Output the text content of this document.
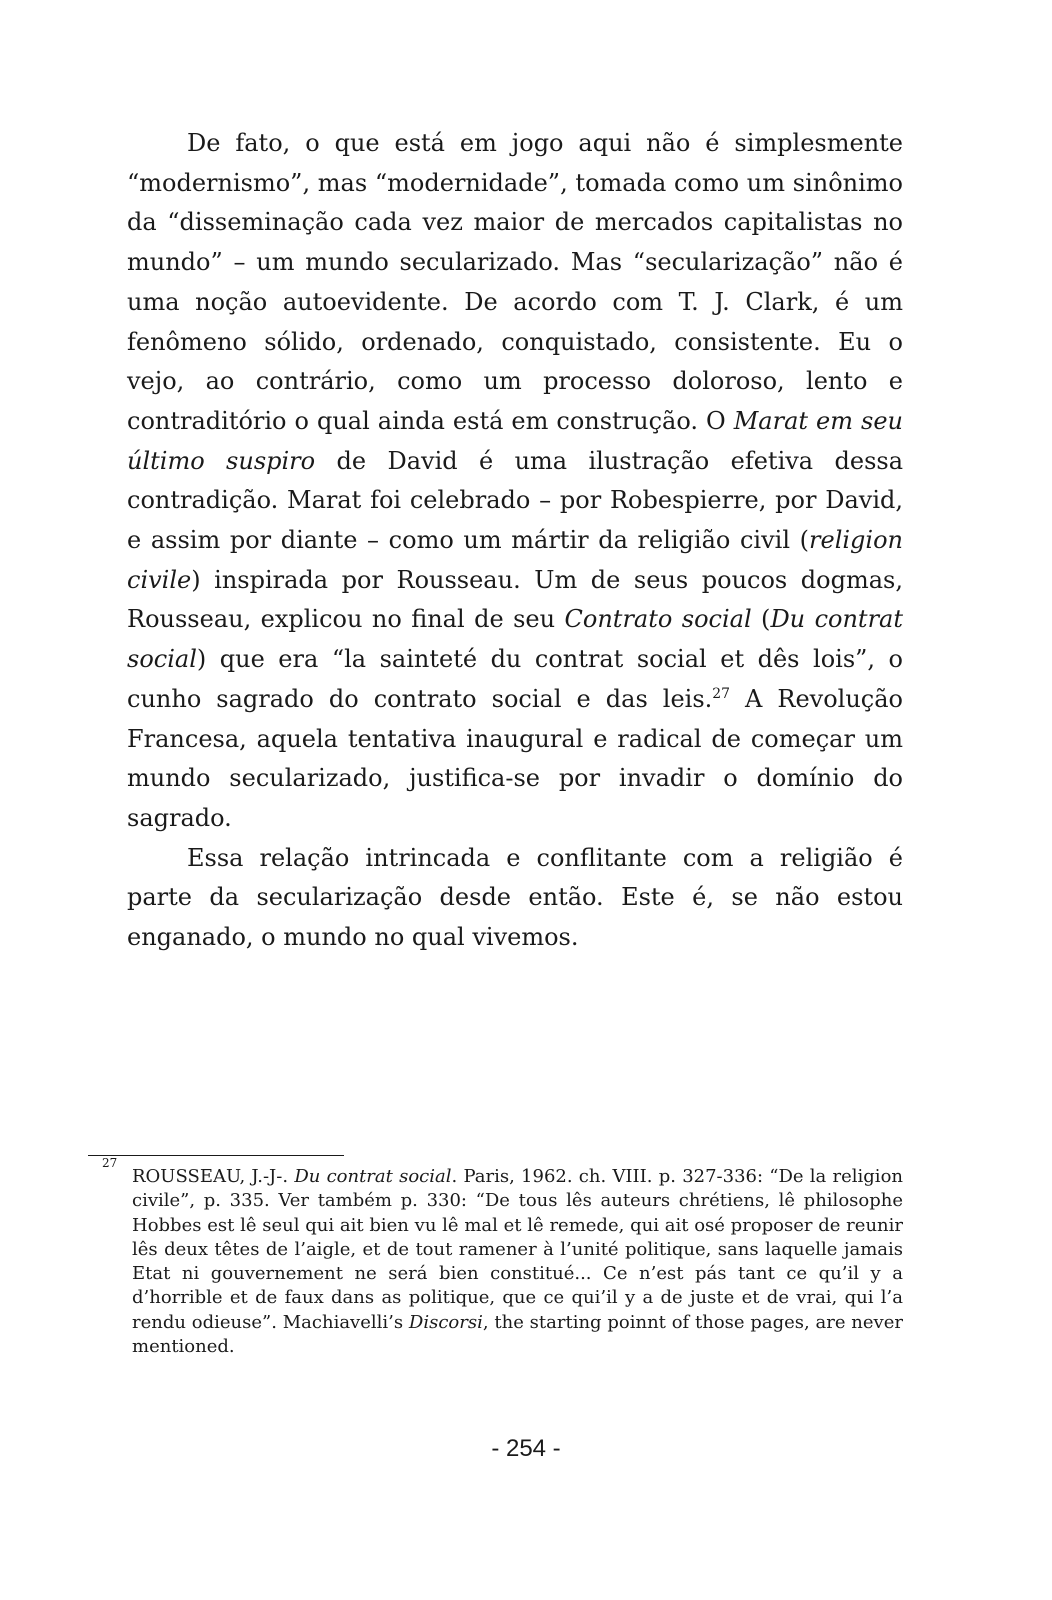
De fato, o que está em jogo aqui não é simplesmente “modernismo”, mas “modernidade”, tomada como um sinônimo da “disseminação cada vez maior de mercados capitalistas no mundo” – um mundo secularizado. Mas “secularização” não é uma noção autoevidente. De acordo com T. J. Clark, é um fenômeno sólido, ordenado, conquistado, consistente. Eu o vejo, ao contrário, como um processo doloroso, lento e contraditório o qual ainda está em construção. O Marat em seu último suspiro de David é uma ilustração efetiva dessa contradição. Marat foi celebrado – por Robespierre, por David, e assim por diante – como um mártir da religião civil (religion civile) inspirada por Rousseau. Um de seus poucos dogmas, Rousseau, explicou no final de seu Contrato social (Du contrat social) que era “la sainteté du contrat social et dês lois”, o cunho sagrado do contrato social e das leis.$^{27}$ A Revolução Francesa, aquela tentativa inaugural e radical de começar um mundo secularizado, justifica-se por invadir o domínio do sagrado.

Essa relação intrincada e conflitante com a religião é parte da secularização desde então. Este é, se não estou enganado, o mundo no qual vivemos.

27
ROUSSEAU, J.-J-. Du contrat social. Paris, 1962. ch. VIII. p. 327-336: “De la religion civile”, p. 335. Ver também p. 330: “De tous lês auteurs chrétiens, lê philosophe Hobbes est lê seul qui ait bien vu lê mal et lê remede, qui ait osé proposer de reunir lês deux têtes de l’aigle, et de tout ramener à l’unité politique, sans laquelle jamais Etat ni gouvernement ne será bien constitué... Ce n’est pás tant ce qu’il y a d’horrible et de faux dans as politique, que ce qui’il y a de juste et de vrai, qui l’a rendu odieuse”. Machiavelli’s Discorsi, the starting poinnt of those pages, are never mentioned.
- 254 -
